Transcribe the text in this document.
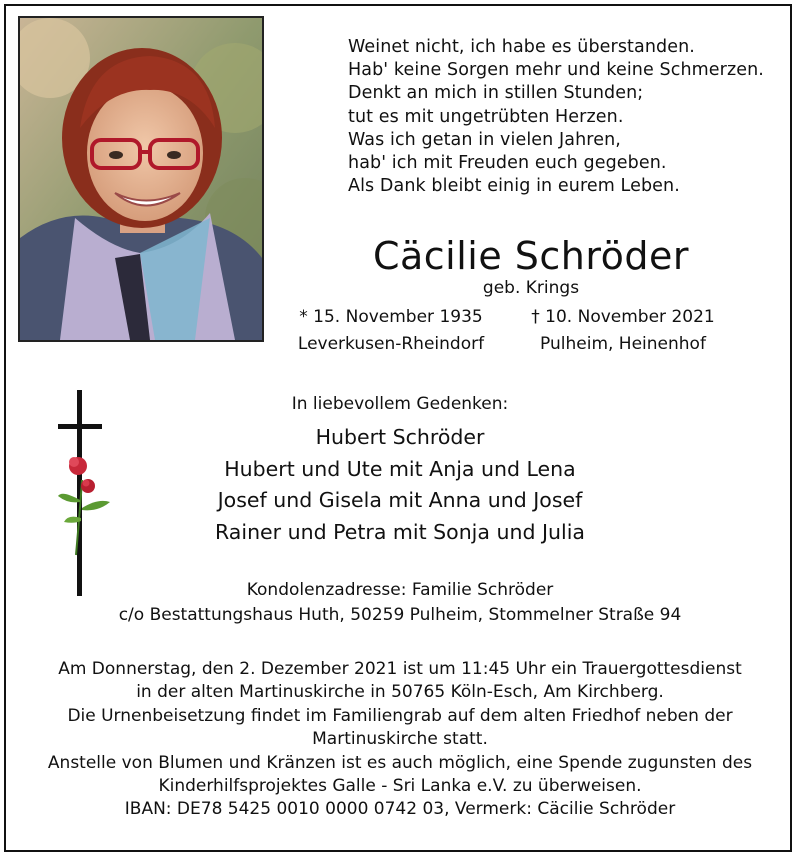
Weinet nicht, ich habe es überstanden.
Hab' keine Sorgen mehr und keine Schmerzen.
Denkt an mich in stillen Stunden;
tut es mit ungetrübten Herzen.
Was ich getan in vielen Jahren,
hab' ich mit Freuden euch gegeben.
Als Dank bleibt einig in eurem Leben.
Cäcilie Schröder
geb. Krings
* 15. November 1935
Leverkusen-Rheindorf
† 10. November 2021
Pulheim, Heinenhof
In liebevollem Gedenken:
Hubert Schröder
Hubert und Ute mit Anja und Lena
Josef und Gisela mit Anna und Josef
Rainer und Petra mit Sonja und Julia
Kondolenzadresse: Familie Schröder
c/o Bestattungshaus Huth, 50259 Pulheim, Stommelner Straße 94
Am Donnerstag, den 2. Dezember 2021 ist um 11:45 Uhr ein Trauergottesdienst
in der alten Martinuskirche in 50765 Köln-Esch, Am Kirchberg.
Die Urnenbeisetzung findet im Familiengrab auf dem alten Friedhof neben der
Martinuskirche statt.
Anstelle von Blumen und Kränzen ist es auch möglich, eine Spende zugunsten des
Kinderhilfsprojektes Galle - Sri Lanka e.V. zu überweisen.
IBAN: DE78 5425 0010 0000 0742 03, Vermerk: Cäcilie Schröder
